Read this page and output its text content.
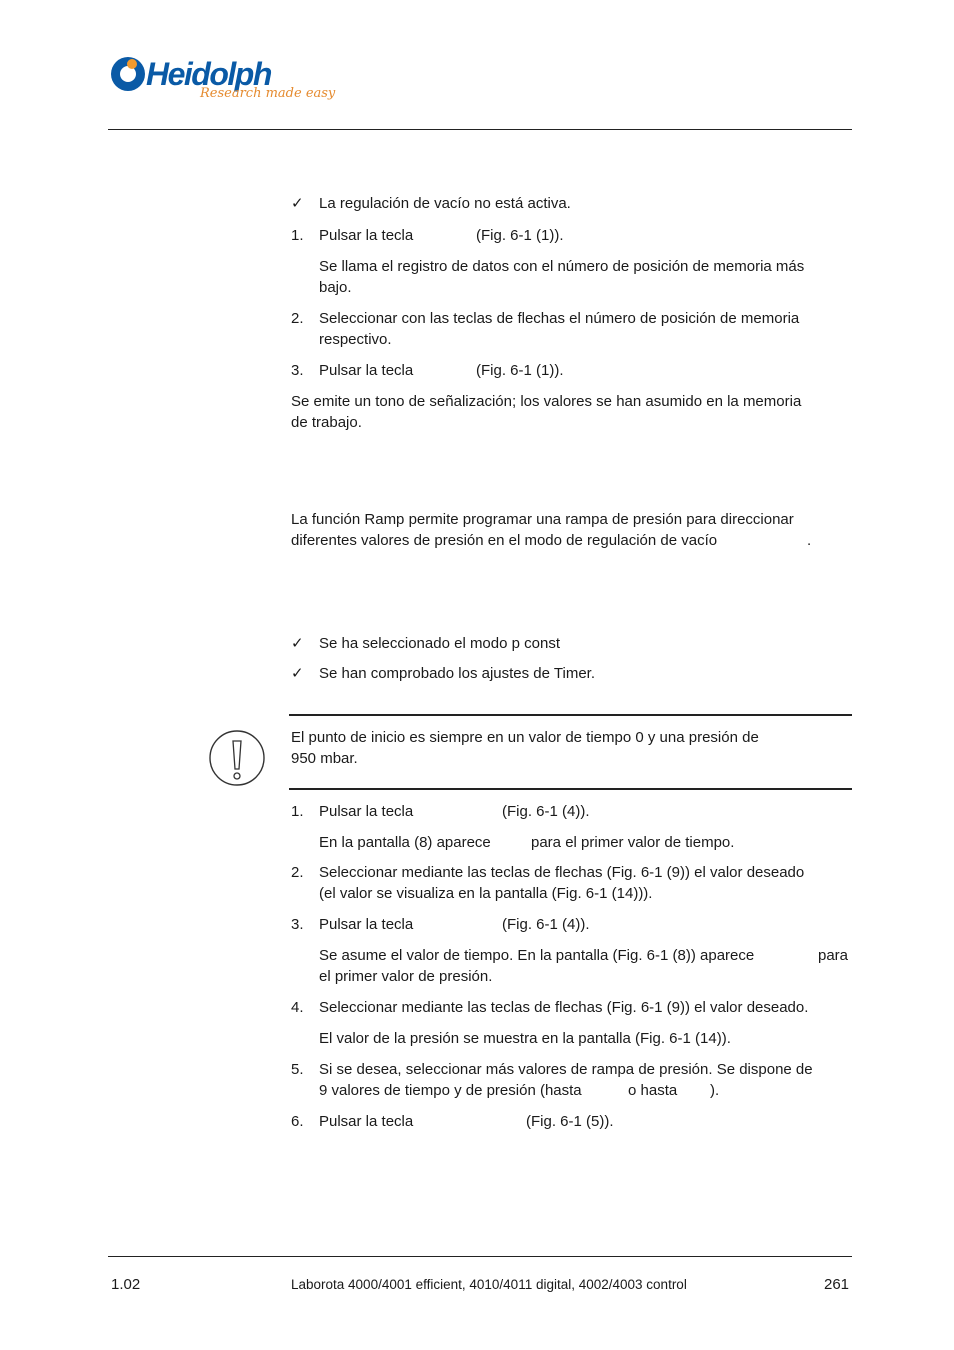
Heidolph
Research made easy
✓ La regulación de vacío no está activa.
1.	Pulsar la tecla	(Fig. 6-1 (1)).
Se llama el registro de datos con el número de posición de memoria más
bajo.
2.	Seleccionar con las teclas de flechas el número de posición de memoria
respectivo.
3.	Pulsar la tecla	(Fig. 6-1 (1)).
Se emite un tono de señalización; los valores se han asumido en la memoria
de trabajo.
La función Ramp permite programar una rampa de presión para direccionar
diferentes valores de presión en el modo de regulación de vacío	.
✓ Se ha seleccionado el modo p const
✓ Se han comprobado los ajustes de Timer.
El punto de inicio es siempre en un valor de tiempo 0 y una presión de
950 mbar.
1.	Pulsar la tecla	(Fig. 6-1 (4)).
En la pantalla (8) aparece	para el primer valor de tiempo.
2.	Seleccionar mediante las teclas de flechas (Fig. 6-1 (9)) el valor deseado
(el valor se visualiza en la pantalla (Fig. 6-1 (14))).
3.	Pulsar la tecla	(Fig. 6-1 (4)).
Se asume el valor de tiempo. En la pantalla (Fig. 6-1 (8)) aparece	para
el primer valor de presión.
4.	Seleccionar mediante las teclas de flechas (Fig. 6-1 (9)) el valor deseado.
El valor de la presión se muestra en la pantalla (Fig. 6-1 (14)).
5.	Si se desea, seleccionar más valores de rampa de presión. Se dispone de
9 valores de tiempo y de presión (hasta	o hasta ).
6.	Pulsar la tecla	(Fig. 6-1 (5)).
1.02	Laborota 4000/4001 efficient, 4010/4011 digital, 4002/4003 control	261
